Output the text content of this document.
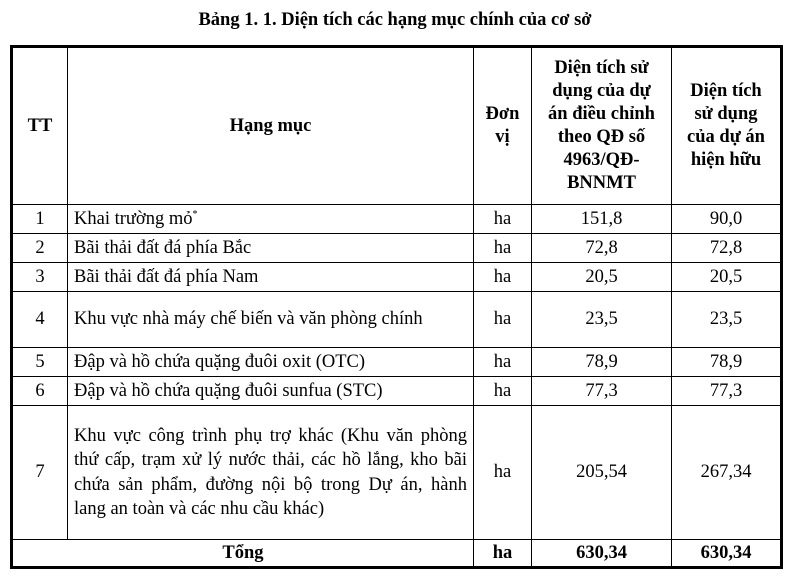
Bảng 1. 1. Diện tích các hạng mục chính của cơ sở
TT	Hạng mục	Đơn vị	Diện tích sử dụng của dự án điều chỉnh theo QĐ số 4963/QĐ-BNNMT	Diện tích sử dụng của dự án hiện hữu
1	Khai trường mỏ*	ha	151,8	90,0
2	Bãi thải đất đá phía Bắc	ha	72,8	72,8
3	Bãi thải đất đá phía Nam	ha	20,5	20,5
4	Khu vực nhà máy chế biến và văn phòng chính	ha	23,5	23,5
5	Đập và hồ chứa quặng đuôi oxit (OTC)	ha	78,9	78,9
6	Đập và hồ chứa quặng đuôi sunfua (STC)	ha	77,3	77,3
7	Khu vực công trình phụ trợ khác (Khu văn phòng thứ cấp, trạm xử lý nước thải, các hồ lắng, kho bãi chứa sản phẩm, đường nội bộ trong Dự án, hành lang an toàn và các nhu cầu khác)	ha	205,54	267,34
Tổng		ha	630,34	630,34
